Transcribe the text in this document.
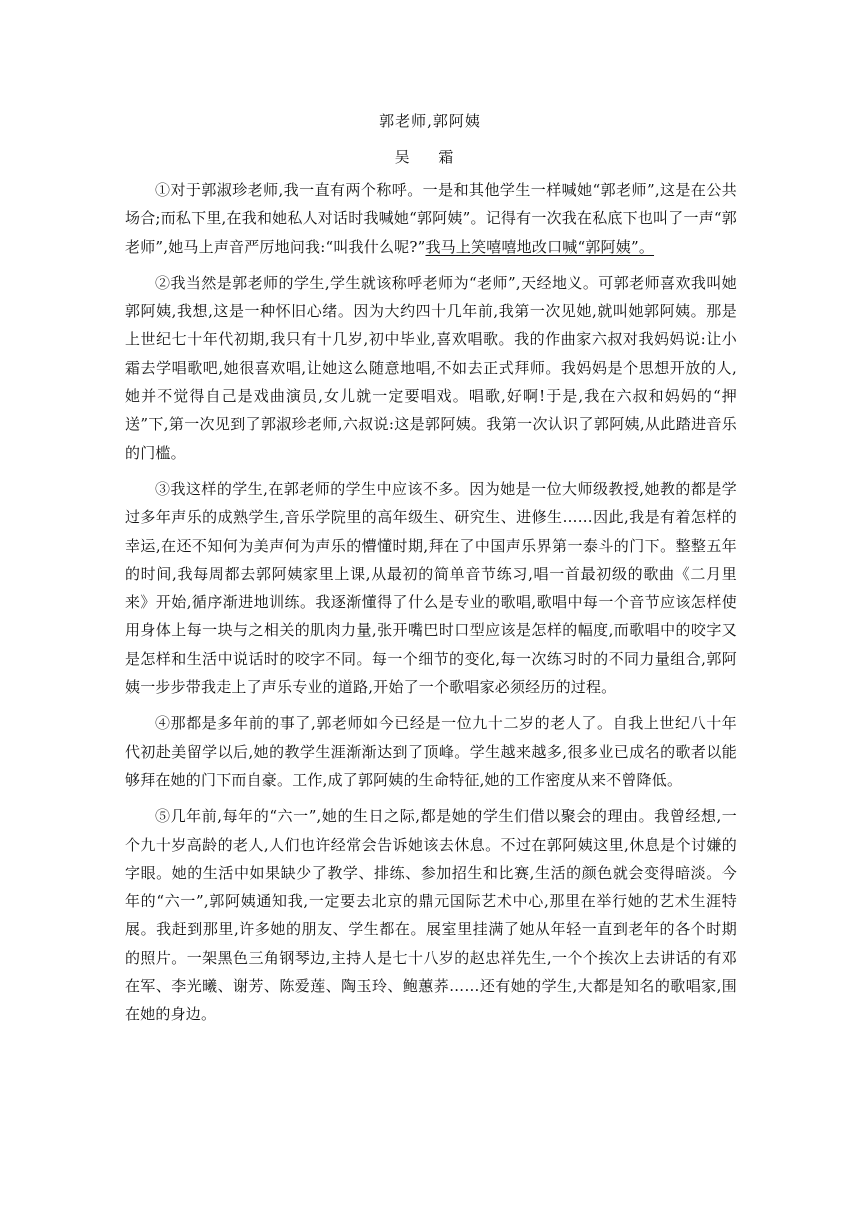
郭老师,郭阿姨
吴 霜

①对于郭淑珍老师,我一直有两个称呼。一是和其他学生一样喊她“郭老师”,这是在公共场合;而私下里,在我和她私人对话时我喊她“郭阿姨”。记得有一次我在私底下也叫了一声“郭老师”,她马上声音严厉地问我:“叫我什么呢?”我马上笑嘻嘻地改口喊“郭阿姨”。

②我当然是郭老师的学生,学生就该称呼老师为“老师”,天经地义。可郭老师喜欢我叫她郭阿姨,我想,这是一种怀旧心绪。因为大约四十几年前,我第一次见她,就叫她郭阿姨。那是上世纪七十年代初期,我只有十几岁,初中毕业,喜欢唱歌。我的作曲家六叔对我妈妈说:让小霜去学唱歌吧,她很喜欢唱,让她这么随意地唱,不如去正式拜师。我妈妈是个思想开放的人,她并不觉得自己是戏曲演员,女儿就一定要唱戏。唱歌,好啊!于是,我在六叔和妈妈的“押送”下,第一次见到了郭淑珍老师,六叔说:这是郭阿姨。我第一次认识了郭阿姨,从此踏进音乐的门槛。

③我这样的学生,在郭老师的学生中应该不多。因为她是一位大师级教授,她教的都是学过多年声乐的成熟学生,音乐学院里的高年级生、研究生、进修生……因此,我是有着怎样的幸运,在还不知何为美声何为声乐的懵懂时期,拜在了中国声乐界第一泰斗的门下。整整五年的时间,我每周都去郭阿姨家里上课,从最初的简单音节练习,唱一首最初级的歌曲《二月里来》开始,循序渐进地训练。我逐渐懂得了什么是专业的歌唱,歌唱中每一个音节应该怎样使用身体上每一块与之相关的肌肉力量,张开嘴巴时口型应该是怎样的幅度,而歌唱中的咬字又是怎样和生活中说话时的咬字不同。每一个细节的变化,每一次练习时的不同力量组合,郭阿姨一步步带我走上了声乐专业的道路,开始了一个歌唱家必须经历的过程。

④那都是多年前的事了,郭老师如今已经是一位九十二岁的老人了。自我上世纪八十年代初赴美留学以后,她的教学生涯渐渐达到了顶峰。学生越来越多,很多业已成名的歌者以能够拜在她的门下而自豪。工作,成了郭阿姨的生命特征,她的工作密度从来不曾降低。

⑤几年前,每年的“六一”,她的生日之际,都是她的学生们借以聚会的理由。我曾经想,一个九十岁高龄的老人,人们也许经常会告诉她该去休息。不过在郭阿姨这里,休息是个讨嫌的字眼。她的生活中如果缺少了教学、排练、参加招生和比赛,生活的颜色就会变得暗淡。今年的“六一”,郭阿姨通知我,一定要去北京的鼎元国际艺术中心,那里在举行她的艺术生涯特展。我赶到那里,许多她的朋友、学生都在。展室里挂满了她从年轻一直到老年的各个时期的照片。一架黑色三角钢琴边,主持人是七十八岁的赵忠祥先生,一个个挨次上去讲话的有邓在军、李光曦、谢芳、陈爱莲、陶玉玲、鲍蕙荞……还有她的学生,大都是知名的歌唱家,围在她的身边。
